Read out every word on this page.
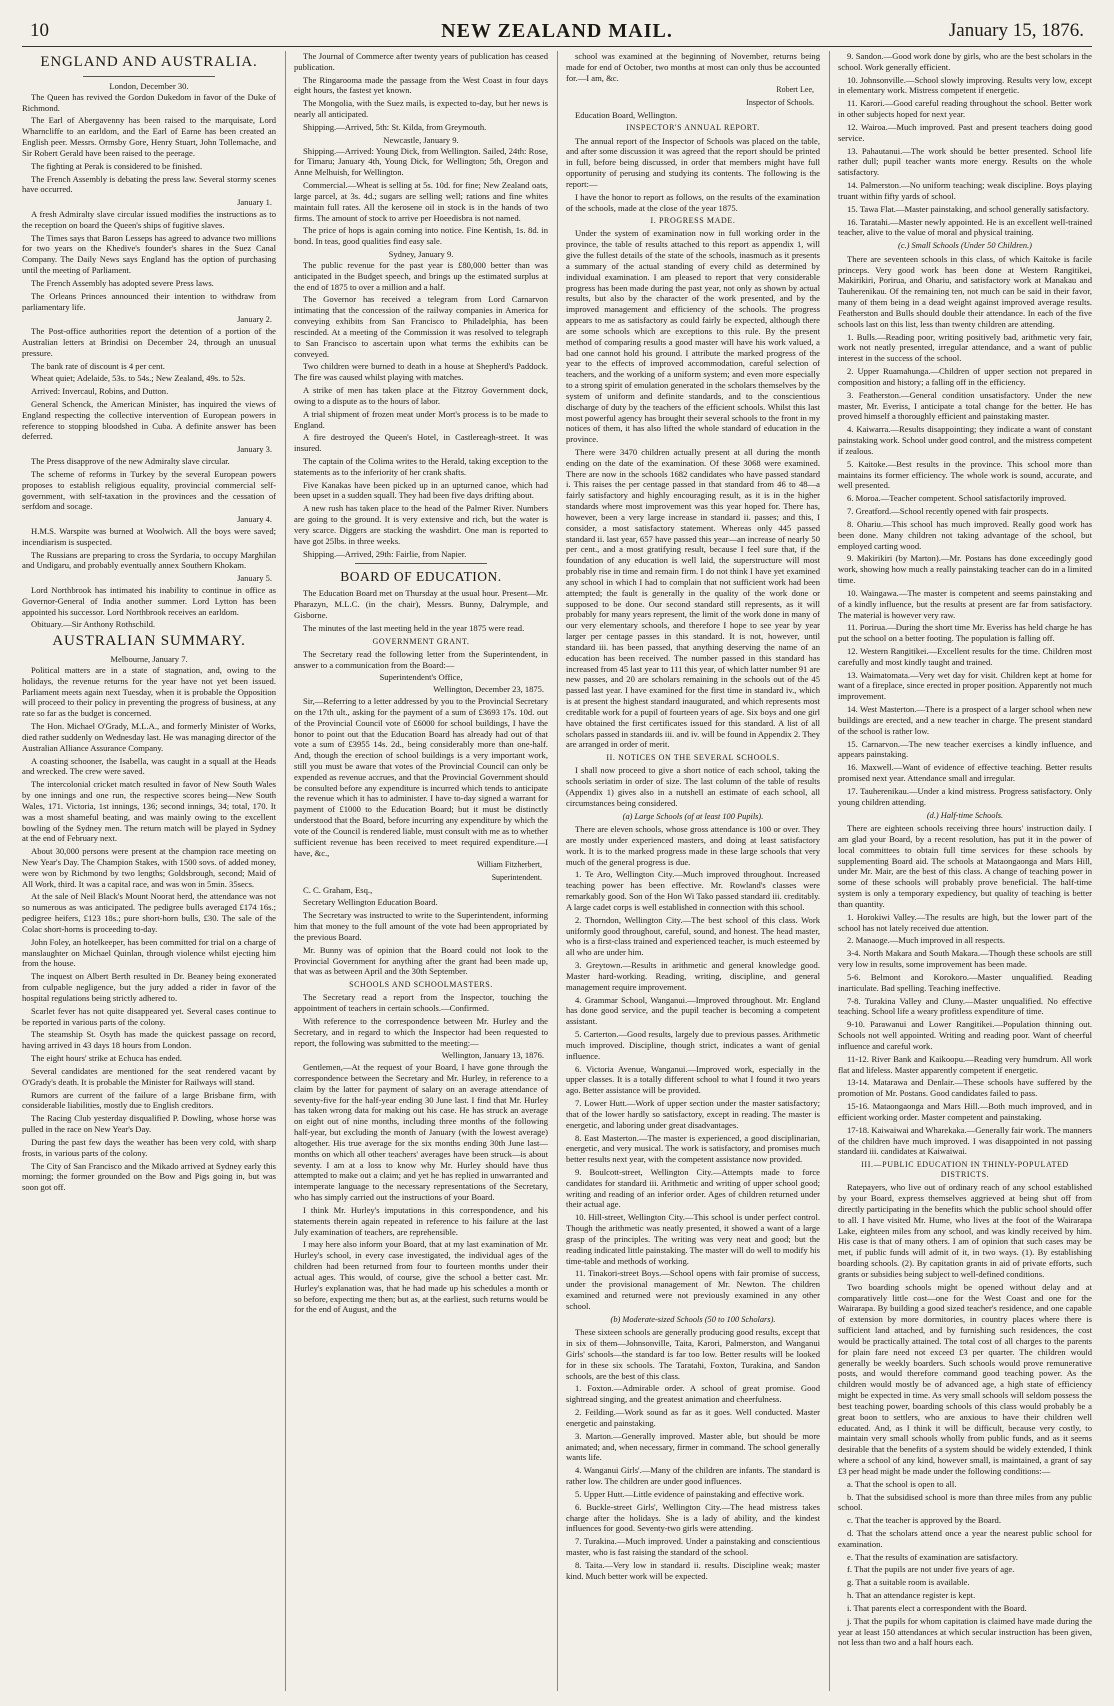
10	NEW ZEALAND MAIL.	January 15, 1876.
ENGLAND AND AUSTRALIA.
London, December 30.

The Queen has revived the Gordon Dukedom in favor of the Duke of Richmond.

The Earl of Abergavenny has been raised to the marquisate, Lord Wharncliffe to an earldom, and the Earl of Earne has been created an English peer. Messrs. Ormsby Gore, Henry Stuart, John Tollemache, and Sir Robert Gerald have been raised to the peerage.

The fighting at Perak is considered to be finished.

The French Assembly is debating the press law. Several stormy scenes have occurred.

January 1.

A fresh Admiralty slave circular issued modifies the instructions as to the reception on board the Queen's ships of fugitive slaves.

The Times says that Baron Lesseps has agreed to advance two millions for two years on the Khedive's founder's shares in the Suez Canal Company. The Daily News says England has the option of purchasing until the meeting of Parliament.

The French Assembly has adopted severe Press laws.

The Orleans Princes announced their intention to withdraw from parliamentary life.

January 2.

The Post-office authorities report the detention of a portion of the Australian letters at Brindisi on December 24, through an unusual pressure.

The bank rate of discount is 4 per cent.

Wheat quiet; Adelaide, 53s. to 54s.; New Zealand, 49s. to 52s.

Arrived: Invercaul, Robins, and Dutton.

General Schenck, the American Minister, has inquired the views of England respecting the collective intervention of European powers in reference to stopping bloodshed in Cuba. A definite answer has been deferred.

January 3.

The Press disapprove of the new Admiralty slave circular.

The scheme of reforms in Turkey by the several European powers proposes to establish religious equality, provincial commercial self-government, with self-taxation in the provinces and the cessation of serfdom and socage.

January 4.

H.M.S. Warspite was burned at Woolwich. All the boys were saved; incendiarism is suspected.

The Russians are preparing to cross the Syrdaria, to occupy Marghilan and Undigaru, and probably eventually annex Southern Khokam.

January 5.

Lord Northbrook has intimated his inability to continue in office as Governor-General of India another summer. Lord Lytton has been appointed his successor. Lord Northbrook receives an earldom.

Obituary.—Sir Anthony Rothschild.

AUSTRALIAN SUMMARY.
Melbourne, January 7.

Political matters are in a state of stagnation, and, owing to the holidays, the revenue returns for the year have not yet been issued. Parliament meets again next Tuesday, when it is probable the Opposition will proceed to their policy in preventing the progress of business, at any rate so far as the budget is concerned.

The Hon. Michael O'Grady, M.L.A., and formerly Minister of Works, died rather suddenly on Wednesday last. He was managing director of the Australian Alliance Assurance Company.

A coasting schooner, the Isabella, was caught in a squall at the Heads and wrecked. The crew were saved.

The intercolonial cricket match resulted in favor of New South Wales by one innings and one run, the respective scores being—New South Wales, 171. Victoria, 1st innings, 136; second innings, 34; total, 170. It was a most shameful beating, and was mainly owing to the excellent bowling of the Sydney men. The return match will be played in Sydney at the end of February next.

About 30,000 persons were present at the champion race meeting on New Year's Day. The Champion Stakes, with 1500 sovs. of added money, were won by Richmond by two lengths; Goldsbrough, second; Maid of All Work, third. It was a capital race, and was won in 5min. 35secs.

At the sale of Neil Black's Mount Noorat herd, the attendance was not so numerous as was anticipated. The pedigree bulls averaged £174 16s.; pedigree heifers, £123 18s.; pure short-horn bulls, £30. The sale of the Colac short-horns is proceeding to-day.

John Foley, an hotelkeeper, has been committed for trial on a charge of manslaughter on Michael Quinlan, through violence whilst ejecting him from the house.

The inquest on Albert Berth resulted in Dr. Beaney being exonerated from culpable negligence, but the jury added a rider in favor of the hospital regulations being strictly adhered to.

Scarlet fever has not quite disappeared yet. Several cases continue to be reported in various parts of the colony.

The steamship St. Osyth has made the quickest passage on record, having arrived in 43 days 18 hours from London.

The eight hours' strike at Echuca has ended.

Several candidates are mentioned for the seat rendered vacant by O'Grady's death. It is probable the Minister for Railways will stand.

Rumors are current of the failure of a large Brisbane firm, with considerable liabilities, mostly due to English creditors.

The Racing Club yesterday disqualified P. Dowling, whose horse was pulled in the race on New Year's Day.

During the past few days the weather has been very cold, with sharp frosts, in various parts of the colony.

The City of San Francisco and the Mikado arrived at Sydney early this morning; the former grounded on the Bow and Pigs going in, but was soon got off.

The Journal of Commerce after twenty years of publication has ceased publication.

The Ringarooma made the passage from the West Coast in four days eight hours, the fastest yet known.

The Mongolia, with the Suez mails, is expected to-day, but her news is nearly all anticipated.

Shipping.—Arrived, 5th: St. Kilda, from Greymouth.

Newcastle, January 9.

Shipping.—Arrived: Young Dick, from Wellington. Sailed, 24th: Rose, for Timaru; January 4th, Young Dick, for Wellington; 5th, Oregon and Anne Melhuish, for Wellington.

Commercial.—Wheat is selling at 5s. 10d. for fine; New Zealand oats, large parcel, at 3s. 4d.; sugars are selling well; rations and fine whites maintain full rates. All the kerosene oil in stock is in the hands of two firms. The amount of stock to arrive per Hoeedisbra is not named.

The price of hops is again coming into notice. Fine Kentish, 1s. 8d. in bond. In teas, good qualities find easy sale.

Sydney, January 9.

The public revenue for the past year is £80,000 better than was anticipated in the Budget speech, and brings up the estimated surplus at the end of 1875 to over a million and a half.

The Governor has received a telegram from Lord Carnarvon intimating that the concession of the railway companies in America for conveying exhibits from San Francisco to Philadelphia, has been rescinded. At a meeting of the Commission it was resolved to telegraph to San Francisco to ascertain upon what terms the exhibits can be conveyed.

Two children were burned to death in a house at Shepherd's Paddock. The fire was caused whilst playing with matches.

A strike of men has taken place at the Fitzroy Government dock, owing to a dispute as to the hours of labor.

A trial shipment of frozen meat under Mort's process is to be made to England.

A fire destroyed the Queen's Hotel, in Castlereagh-street. It was insured.

The captain of the Colima writes to the Herald, taking exception to the statements as to the inferiority of her crank shafts.

Five Kanakas have been picked up in an upturned canoe, which had been upset in a sudden squall. They had been five days drifting about.

A new rush has taken place to the head of the Palmer River. Numbers are going to the ground. It is very extensive and rich, but the water is very scarce. Diggers are stacking the washdirt. One man is reported to have got 25lbs. in three weeks.

Shipping.—Arrived, 29th: Fairlie, from Napier.

BOARD OF EDUCATION.

The Education Board met on Thursday at the usual hour. Present—Mr. Pharazyn, M.L.C. (in the chair), Messrs. Bunny, Dalrymple, and Gisborne.

The minutes of the last meeting held in the year 1875 were read.

GOVERNMENT GRANT.

The Secretary read the following letter from the Superintendent, in answer to a communication from the Board:—

Superintendent's Office,
Wellington, December 23, 1875.

Sir,—Referring to a letter addressed by you to the Provincial Secretary on the 17th ult., asking for the payment of a sum of £3693 17s. 10d. out of the Provincial Council vote of £6000 for school buildings, I have the honor to point out that the Education Board has already had out of that vote a sum of £3955 14s. 2d., being considerably more than one-half. And, though the erection of school buildings is a very important work, still you must be aware that votes of the Provincial Council can only be expended as revenue accrues, and that the Provincial Government should be consulted before any expenditure is incurred which tends to anticipate the revenue which it has to administer. I have to-day signed a warrant for payment of £1000 to the Education Board; but it must be distinctly understood that the Board, before incurring any expenditure by which the vote of the Council is rendered liable, must consult with me as to whether sufficient revenue has been received to meet required expenditure.—I have, &c.,

William Fitzherbert,
Superintendent.

C. C. Graham, Esq.,

Secretary Wellington Education Board.

The Secretary was instructed to write to the Superintendent, informing him that money to the full amount of the vote had been appropriated by the previous Board.

Mr. Bunny was of opinion that the Board could not look to the Provincial Government for anything after the grant had been made up, that was as between April and the 30th September.

SCHOOLS AND SCHOOLMASTERS.

The Secretary read a report from the Inspector, touching the appointment of teachers in certain schools.—Confirmed.

With reference to the correspondence between Mr. Hurley and the Secretary, and in regard to which the Inspector had been requested to report, the following was submitted to the meeting:—

Wellington, January 13, 1876.

Gentlemen,—At the request of your Board, I have gone through the correspondence between the Secretary and Mr. Hurley, in reference to a claim by the latter for payment of salary on an average attendance of seventy-five for the half-year ending 30 June last. I find that Mr. Hurley has taken wrong data for making out his case. He has struck an average on eight out of nine months, including three months of the following half-year, but excluding the month of January (with the lowest average) altogether. His true average for the six months ending 30th June last—months on which all other teachers' averages have been struck—is about seventy. I am at a loss to know why Mr. Hurley should have thus attempted to make out a claim; and yet he has replied in unwarranted and intemperate language to the necessary representations of the Secretary, who has simply carried out the instructions of your Board.

I think Mr. Hurley's imputations in this correspondence, and his statements therein again repeated in reference to his failure at the last July examination of teachers, are reprehensible.

I may here also inform your Board, that at my last examination of Mr. Hurley's school, in every case investigated, the individual ages of the children had been returned from four to fourteen months under their actual ages. This would, of course, give the school a better cast. Mr. Hurley's explanation was, that he had made up his schedules a month or so before, expecting me then; but as, at the earliest, such returns would be for the end of August, and the

school was examined at the beginning of November, returns being made for end of October, two months at most can only thus be accounted for.—I am, &c.

Robert Lee,
Inspector of Schools.

Education Board, Wellington.

INSPECTOR'S ANNUAL REPORT.

The annual report of the Inspector of Schools was placed on the table, and after some discussion it was agreed that the report should be printed in full, before being discussed, in order that members might have full opportunity of perusing and studying its contents. The following is the report:—

I have the honor to report as follows, on the results of the examination of the schools, made at the close of the year 1875.

I. PROGRESS MADE.

Under the system of examination now in full working order in the province, the table of results attached to this report as appendix 1, will give the fullest details of the state of the schools, inasmuch as it presents a summary of the actual standing of every child as determined by individual examination. I am pleased to report that very considerable progress has been made during the past year, not only as shown by actual results, but also by the character of the work presented, and by the improved management and efficiency of the schools. The progress appears to me as satisfactory as could fairly be expected, although there are some schools which are exceptions to this rule. By the present method of comparing results a good master will have his work valued, a bad one cannot hold his ground. I attribute the marked progress of the year to the effects of improved accommodation, careful selection of teachers, and the working of a uniform system; and even more especially to a strong spirit of emulation generated in the scholars themselves by the system of uniform and definite standards, and to the conscientious discharge of duty by the teachers of the efficient schools. Whilst this last most powerful agency has brought their several schools to the front in my notices of them, it has also lifted the whole standard of education in the province.

There were 3470 children actually present at all during the month ending on the date of the examination. Of these 3068 were examined. There are now in the schools 1682 candidates who have passed standard i. This raises the per centage passed in that standard from 46 to 48—a fairly satisfactory and highly encouraging result, as it is in the higher standards where most improvement was this year hoped for. There has, however, been a very large increase in standard ii. passes; and this, I consider, a most satisfactory statement. Whereas only 445 passed standard ii. last year, 657 have passed this year—an increase of nearly 50 per cent., and a most gratifying result, because I feel sure that, if the foundation of any education is well laid, the superstructure will most probably rise in time and remain firm. I do not think I have yet examined any school in which I had to complain that not sufficient work had been attempted; the fault is generally in the quality of the work done or supposed to be done. Our second standard still represents, as it will probably for many years represent, the limit of the work done in many of our very elementary schools, and therefore I hope to see year by year larger per centage passes in this standard. It is not, however, until standard iii. has been passed, that anything deserving the name of an education has been received. The number passed in this standard has increased from 45 last year to 111 this year, of which latter number 91 are new passes, and 20 are scholars remaining in the schools out of the 45 passed last year. I have examined for the first time in standard iv., which is at present the highest standard inaugurated, and which represents most creditable work for a pupil of fourteen years of age. Six boys and one girl have obtained the first certificates issued for this standard. A list of all scholars passed in standards iii. and iv. will be found in Appendix 2. They are arranged in order of merit.

II. NOTICES ON THE SEVERAL SCHOOLS.

I shall now proceed to give a short notice of each school, taking the schools seriatim in order of size. The last column of the table of results (Appendix 1) gives also in a nutshell an estimate of each school, all circumstances being considered.

(a) Large Schools (of at least 100 Pupils).

There are eleven schools, whose gross attendance is 100 or over. They are mostly under experienced masters, and doing at least satisfactory work. It is to the marked progress made in these large schools that very much of the general progress is due.

1. Te Aro, Wellington City.—Much improved throughout. Increased teaching power has been effective. Mr. Rowland's classes were remarkably good. Son of the Hon Wi Tako passed standard iii. creditably. A large cadet corps is well established in connection with this school.

2. Thorndon, Wellington City.—The best school of this class. Work uniformly good throughout, careful, sound, and honest. The head master, who is a first-class trained and experienced teacher, is much esteemed by all who are under him.

3. Greytown.—Results in arithmetic and general knowledge good. Master hard-working. Reading, writing, discipline, and general management require improvement.

4. Grammar School, Wanganui.—Improved throughout. Mr. England has done good service, and the pupil teacher is becoming a competent assistant.

5. Carterton.—Good results, largely due to previous passes. Arithmetic much improved. Discipline, though strict, indicates a want of genial influence.

6. Victoria Avenue, Wanganui.—Improved work, especially in the upper classes. It is a totally different school to what I found it two years ago. Better assistance will be provided.

7. Lower Hutt.—Work of upper section under the master satisfactory; that of the lower hardly so satisfactory, except in reading. The master is energetic, and laboring under great disadvantages.

8. East Masterton.—The master is experienced, a good disciplinarian, energetic, and very musical. The work is satisfactory, and promises much better results next year, with the competent assistance now provided.

9. Boulcott-street, Wellington City.—Attempts made to force candidates for standard iii. Arithmetic and writing of upper school good; writing and reading of an inferior order. Ages of children returned under their actual age.

10. Hill-street, Wellington City.—This school is under perfect control. Though the arithmetic was neatly presented, it showed a want of a large grasp of the principles. The writing was very neat and good; but the reading indicated little painstaking. The master will do well to modify his time-table and methods of working.

11. Tinakori-street Boys.—School opens with fair promise of success, under the provisional management of Mr. Newton. The children examined and returned were not previously examined in any other school.

(b) Moderate-sized Schools (50 to 100 Scholars).

These sixteen schools are generally producing good results, except that in six of them—Johnsonville, Taita, Karori, Palmerston, and Wanganui Girls' schools—the standard is far too low. Better results will be looked for in these six schools. The Taratahi, Foxton, Turakina, and Sandon schools, are the best of this class.

1. Foxton.—Admirable order. A school of great promise. Good sightread singing, and the greatest animation and cheerfulness.

2. Feilding.—Work sound as far as it goes. Well conducted. Master energetic and painstaking.

3. Marton.—Generally improved. Master able, but should be more animated; and, when necessary, firmer in command. The school generally wants life.

4. Wanganui Girls'.—Many of the children are infants. The standard is rather low. The children are under good influences.

5. Upper Hutt.—Little evidence of painstaking and effective work.

6. Buckle-street Girls', Wellington City.—The head mistress takes charge after the holidays. She is a lady of ability, and the kindest influences for good. Seventy-two girls were attending.

7. Turakina.—Much improved. Under a painstaking and conscientious master, who is fast raising the standard of the school.

8. Taita.—Very low in standard ii. results. Discipline weak; master kind. Much better work will be expected.

9. Sandon.—Good work done by girls, who are the best scholars in the school. Work generally efficient.

10. Johnsonville.—School slowly improving. Results very low, except in elementary work. Mistress competent if energetic.

11. Karori.—Good careful reading throughout the school. Better work in other subjects hoped for next year.

12. Wairoa.—Much improved. Past and present teachers doing good service.

13. Pahautanui.—The work should be better presented. School life rather dull; pupil teacher wants more energy. Results on the whole satisfactory.

14. Palmerston.—No uniform teaching; weak discipline. Boys playing truant within fifty yards of school.

15. Tawa Flat.—Master painstaking, and school generally satisfactory.

16. Taratahi.—Master newly appointed. He is an excellent well-trained teacher, alive to the value of moral and physical training.

(c.) Small Schools (Under 50 Children.)

There are seventeen schools in this class, of which Kaitoke is facile princeps. Very good work has been done at Western Rangitikei, Makirikiri, Porirua, and Ohariu, and satisfactory work at Manakau and Tauherenikau. Of the remaining ten, not much can be said in their favor, many of them being in a dead weight against improved average results. Featherston and Bulls should double their attendance. In each of the five schools last on this list, less than twenty children are attending.

1. Bulls.—Reading poor, writing positively bad, arithmetic very fair, work not neatly presented, irregular attendance, and a want of public interest in the success of the school.

2. Upper Ruamahunga.—Children of upper section not prepared in composition and history; a falling off in the efficiency.

3. Featherston.—General condition unsatisfactory. Under the new master, Mr. Everiss, I anticipate a total change for the better. He has proved himself a thoroughly efficient and painstaking master.

4. Kaiwarra.—Results disappointing; they indicate a want of constant painstaking work. School under good control, and the mistress competent if zealous.

5. Kaitoke.—Best results in the province. This school more than maintains its former efficiency. The whole work is sound, accurate, and well presented.

6. Moroa.—Teacher competent. School satisfactorily improved.

7. Greatford.—School recently opened with fair prospects.

8. Ohariu.—This school has much improved. Really good work has been done. Many children not taking advantage of the school, but employed carting wood.

9. Makirikiri (by Marton).—Mr. Postans has done exceedingly good work, showing how much a really painstaking teacher can do in a limited time.

10. Waingawa.—The master is competent and seems painstaking and of a kindly influence, but the results at present are far from satisfactory. The material is however very raw.

11. Porirua.—During the short time Mr. Everiss has held charge he has put the school on a better footing. The population is falling off.

12. Western Rangitikei.—Excellent results for the time. Children most carefully and most kindly taught and trained.

13. Waimatomata.—Very wet day for visit. Children kept at home for want of a fireplace, since erected in proper position. Apparently not much improvement.

14. West Masterton.—There is a prospect of a larger school when new buildings are erected, and a new teacher in charge. The present standard of the school is rather low.

15. Carnarvon.—The new teacher exercises a kindly influence, and appears painstaking.

16. Maxwell.—Want of evidence of effective teaching. Better results promised next year. Attendance small and irregular.

17. Tauherenikau.—Under a kind mistress. Progress satisfactory. Only young children attending.

(d.) Half-time Schools.

There are eighteen schools receiving three hours' instruction daily. I am glad your Board, by a recent resolution, has put it in the power of local committees to obtain full time services for these schools by supplementing Board aid. The schools at Mataongaonga and Mars Hill, under Mr. Mair, are the best of this class. A change of teaching power in some of these schools will probably prove beneficial. The half-time system is only a temporary expediency, but quality of teaching is better than quantity.

1. Horokiwi Valley.—The results are high, but the lower part of the school has not lately received due attention.

2. Manaoge.—Much improved in all respects.

3-4. North Makara and South Makara.—Though these schools are still very low in results, some improvement has been made.

5-6. Belmont and Korokoro.—Master unqualified. Reading inarticulate. Bad spelling. Teaching ineffective.

7-8. Turakina Valley and Cluny.—Master unqualified. No effective teaching. School life a weary profitless expenditure of time.

9-10. Parawanui and Lower Rangitikei.—Population thinning out. Schools not well appointed. Writing and reading poor. Want of cheerful influence and careful work.

11-12. River Bank and Kaikoopu.—Reading very humdrum. All work flat and lifeless. Master apparently competent if energetic.

13-14. Matarawa and Denlair.—These schools have suffered by the promotion of Mr. Postans. Good candidates failed to pass.

15-16. Mataongaonga and Mars Hill.—Both much improved, and in efficient working order. Master competent and painstaking.

17-18. Kaiwaiwai and Wharekaka.—Generally fair work. The manners of the children have much improved. I was disappointed in not passing standard iii. candidates at Kaiwaiwai.

III.—PUBLIC EDUCATION IN THINLY-POPULATED DISTRICTS.

Ratepayers, who live out of ordinary reach of any school established by your Board, express themselves aggrieved at being shut off from directly participating in the benefits which the public school should offer to all. I have visited Mr. Hume, who lives at the foot of the Wairarapa Lake, eighteen miles from any school, and was kindly received by him. His case is that of many others. I am of opinion that such cases may be met, if public funds will admit of it, in two ways. (1). By establishing boarding schools. (2). By capitation grants in aid of private efforts, such grants or subsidies being subject to well-defined conditions.

Two boarding schools might be opened without delay and at comparatively little cost—one for the West Coast and one for the Wairarapa. By building a good sized teacher's residence, and one capable of extension by more dormitories, in country places where there is sufficient land attached, and by furnishing such residences, the cost would be practically attained. The total cost of all charges to the parents for plain fare need not exceed £3 per quarter. The children would generally be weekly boarders. Such schools would prove remunerative posts, and would therefore command good teaching power. As the children would mostly be of advanced age, a high state of efficiency might be expected in time. As very small schools will seldom possess the best teaching power, boarding schools of this class would probably be a great boon to settlers, who are anxious to have their children well educated. And, as I think it will be difficult, because very costly, to maintain very small schools wholly from public funds, and as it seems desirable that the benefits of a system should be widely extended, I think where a school of any kind, however small, is maintained, a grant of say £3 per head might be made under the following conditions:—

a. That the school is open to all.

b. That the subsidised school is more than three miles from any public school.

c. That the teacher is approved by the Board.

d. That the scholars attend once a year the nearest public school for examination.

e. That the results of examination are satisfactory.

f. That the pupils are not under five years of age.

g. That a suitable room is available.

h. That an attendance register is kept.

i. That parents elect a correspondent with the Board.

j. That the pupils for whom capitation is claimed have made during the year at least 150 attendances at which secular instruction has been given, not less than two and a half hours each.
